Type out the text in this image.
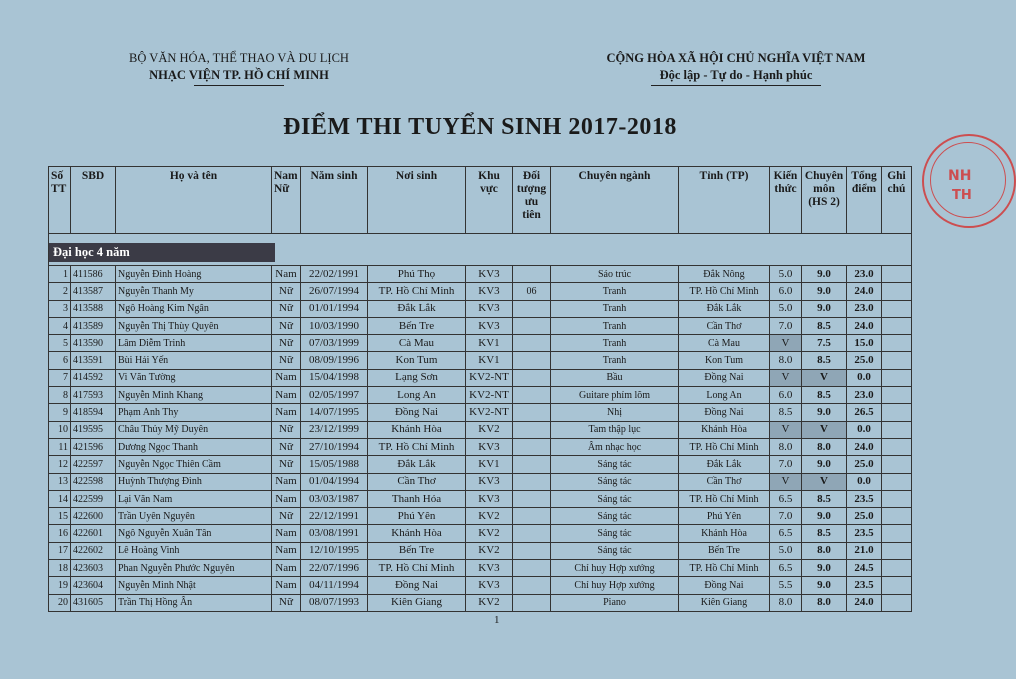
BỘ VĂN HÓA, THỂ THAO VÀ DU LỊCH
NHẠC VIỆN TP. HỒ CHÍ MINH
CỘNG HÒA XÃ HỘI CHỦ NGHĨA VIỆT NAM
Độc lập - Tự do - Hạnh phúc
ĐIỂM THI TUYỂN SINH 2017-2018
NH
TH
Số TT	SBD	Họ và tên	Nam Nữ	Năm sinh	Nơi sinh	Khu vực	Đối tượng ưu tiên	Chuyên ngành	Tỉnh (TP)	Kiến thức	Chuyên môn (HS 2)	Tổng điểm	Ghi chú
Đại học 4 năm													
1	411586	Nguyễn Đình Hoàng	Nam	22/02/1991	Phú Thọ	KV3		Sáo trúc	Đắk Nông	5.0	9.0	23.0	
2	413587	Nguyễn Thanh My	Nữ	26/07/1994	TP. Hồ Chí Minh	KV3	06	Tranh	TP. Hồ Chí Minh	6.0	9.0	24.0	
3	413588	Ngô Hoàng Kim Ngân	Nữ	01/01/1994	Đắk Lắk	KV3		Tranh	Đắk Lắk	5.0	9.0	23.0	
4	413589	Nguyễn Thị Thùy Quyên	Nữ	10/03/1990	Bến Tre	KV3		Tranh	Cần Thơ	7.0	8.5	24.0	
5	413590	Lâm Diễm Trinh	Nữ	07/03/1999	Cà Mau	KV1		Tranh	Cà Mau	V	7.5	15.0	
6	413591	Bùi Hải Yến	Nữ	08/09/1996	Kon Tum	KV1		Tranh	Kon Tum	8.0	8.5	25.0	
7	414592	Vi Văn Tường	Nam	15/04/1998	Lạng Sơn	KV2-NT		Bầu	Đồng Nai	V	V	0.0	
8	417593	Nguyễn Minh Khang	Nam	02/05/1997	Long An	KV2-NT		Guitare phím lõm	Long An	6.0	8.5	23.0	
9	418594	Phạm Anh Thy	Nam	14/07/1995	Đồng Nai	KV2-NT		Nhị	Đồng Nai	8.5	9.0	26.5	
10	419595	Châu Thủy Mỹ Duyên	Nữ	23/12/1999	Khánh Hòa	KV2		Tam thập lục	Khánh Hòa	V	V	0.0	
11	421596	Dương Ngọc Thanh	Nữ	27/10/1994	TP. Hồ Chí Minh	KV3		Âm nhạc học	TP. Hồ Chí Minh	8.0	8.0	24.0	
12	422597	Nguyễn Ngọc Thiên Cầm	Nữ	15/05/1988	Đắk Lắk	KV1		Sáng tác	Đắk Lắk	7.0	9.0	25.0	
13	422598	Huỳnh Thượng Đình	Nam	01/04/1994	Cần Thơ	KV3		Sáng tác	Cần Thơ	V	V	0.0	
14	422599	Lại Văn Nam	Nam	03/03/1987	Thanh Hóa	KV3		Sáng tác	TP. Hồ Chí Minh	6.5	8.5	23.5	
15	422600	Trần Uyên Nguyên	Nữ	22/12/1991	Phú Yên	KV2		Sáng tác	Phú Yên	7.0	9.0	25.0	
16	422601	Ngô Nguyễn Xuân Tân	Nam	03/08/1991	Khánh Hòa	KV2		Sáng tác	Khánh Hòa	6.5	8.5	23.5	
17	422602	Lê Hoàng Vinh	Nam	12/10/1995	Bến Tre	KV2		Sáng tác	Bến Tre	5.0	8.0	21.0	
18	423603	Phan Nguyễn Phước Nguyên	Nam	22/07/1996	TP. Hồ Chí Minh	KV3		Chỉ huy Hợp xướng	TP. Hồ Chí Minh	6.5	9.0	24.5	
19	423604	Nguyễn Minh Nhật	Nam	04/11/1994	Đồng Nai	KV3		Chỉ huy Hợp xướng	Đồng Nai	5.5	9.0	23.5	
20	431605	Trần Thị Hồng Ân	Nữ	08/07/1993	Kiên Giang	KV2		Piano	Kiên Giang	8.0	8.0	24.0	
1
